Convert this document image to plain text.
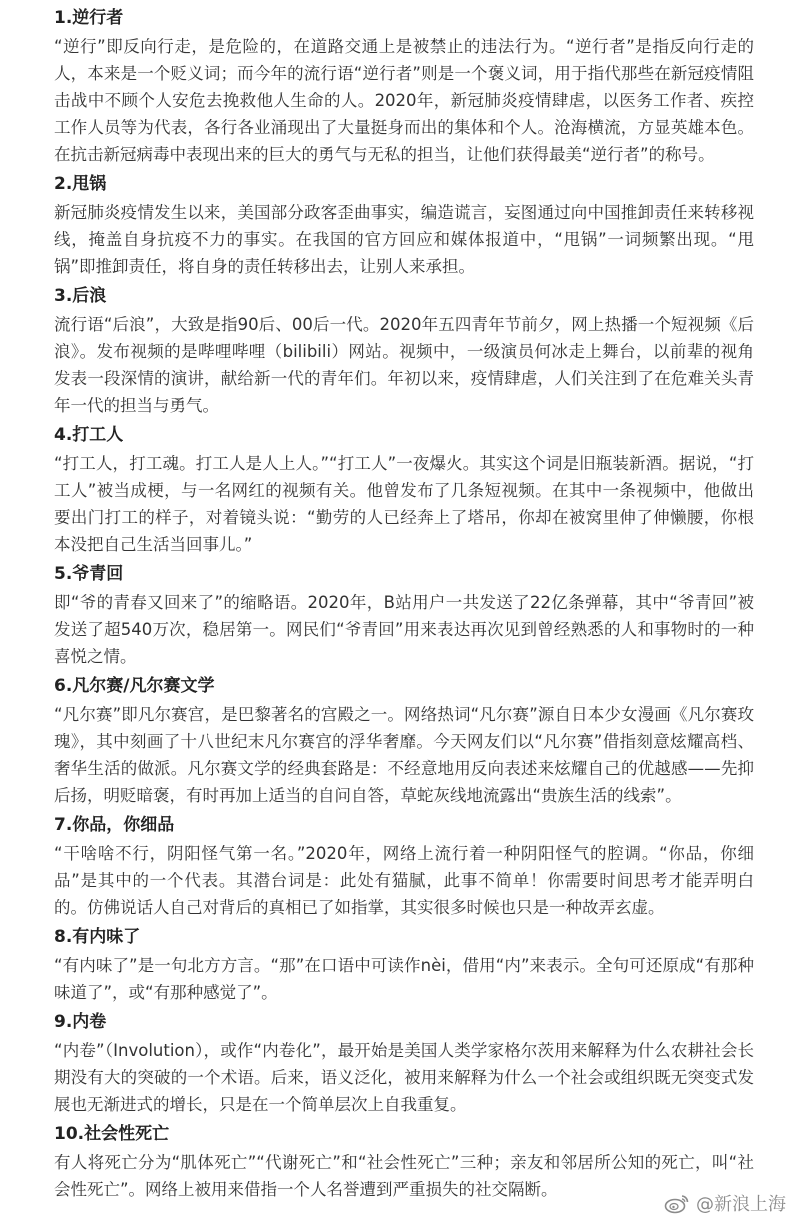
1.逆行者

“逆行”即反向行走，是危险的，在道路交通上是被禁止的违法行为。“逆行者”是指反向行走的人，本来是一个贬义词；而今年的流行语“逆行者”则是一个褒义词，用于指代那些在新冠疫情阻击战中不顾个人安危去挽救他人生命的人。2020年，新冠肺炎疫情肆虐，以医务工作者、疾控工作人员等为代表，各行各业涌现出了大量挺身而出的集体和个人。沧海横流，方显英雄本色。在抗击新冠病毒中表现出来的巨大的勇气与无私的担当，让他们获得最美“逆行者”的称号。

2.甩锅

新冠肺炎疫情发生以来，美国部分政客歪曲事实，编造谎言，妄图通过向中国推卸责任来转移视线，掩盖自身抗疫不力的事实。在我国的官方回应和媒体报道中，“甩锅”一词频繁出现。“甩锅”即推卸责任，将自身的责任转移出去，让别人来承担。

3.后浪

流行语“后浪”，大致是指90后、00后一代。2020年五四青年节前夕，网上热播一个短视频《后浪》。发布视频的是哔哩哔哩（bilibili）网站。视频中，一级演员何冰走上舞台，以前辈的视角发表一段深情的演讲，献给新一代的青年们。年初以来，疫情肆虐，人们关注到了在危难关头青年一代的担当与勇气。

4.打工人

“打工人，打工魂。打工人是人上人。”“打工人”一夜爆火。其实这个词是旧瓶装新酒。据说，“打工人”被当成梗，与一名网红的视频有关。他曾发布了几条短视频。在其中一条视频中，他做出要出门打工的样子，对着镜头说：“勤劳的人已经奔上了塔吊，你却在被窝里伸了伸懒腰，你根本没把自己生活当回事儿。”

5.爷青回

即“爷的青春又回来了”的缩略语。2020年，B站用户一共发送了22亿条弹幕，其中“爷青回”被发送了超540万次，稳居第一。网民们“爷青回”用来表达再次见到曾经熟悉的人和事物时的一种喜悦之情。

6.凡尔赛/凡尔赛文学

“凡尔赛”即凡尔赛宫，是巴黎著名的宫殿之一。网络热词“凡尔赛”源自日本少女漫画《凡尔赛玫瑰》，其中刻画了十八世纪末凡尔赛宫的浮华奢靡。今天网友们以“凡尔赛”借指刻意炫耀高档、奢华生活的做派。凡尔赛文学的经典套路是：不经意地用反向表述来炫耀自己的优越感——先抑后扬，明贬暗褒，有时再加上适当的自问自答，草蛇灰线地流露出“贵族生活的线索”。

7.你品，你细品

“干啥啥不行，阴阳怪气第一名。”2020年，网络上流行着一种阴阳怪气的腔调。“你品，你细品”是其中的一个代表。其潜台词是：此处有猫腻，此事不简单！你需要时间思考才能弄明白的。仿佛说话人自己对背后的真相已了如指掌，其实很多时候也只是一种故弄玄虚。

8.有内味了

“有内味了”是一句北方方言。“那”在口语中可读作nèi，借用“内”来表示。全句可还原成“有那种味道了”，或“有那种感觉了”。

9.内卷

“内卷”（Involution），或作“内卷化”，最开始是美国人类学家格尔茨用来解释为什么农耕社会长期没有大的突破的一个术语。后来，语义泛化，被用来解释为什么一个社会或组织既无突变式发展也无渐进式的增长，只是在一个简单层次上自我重复。

10.社会性死亡

有人将死亡分为“肌体死亡”“代谢死亡”和“社会性死亡”三种；亲友和邻居所公知的死亡，叫“社会性死亡”。网络上被用来借指一个人名誉遭到严重损失的社交隔断。

@新浪上海
